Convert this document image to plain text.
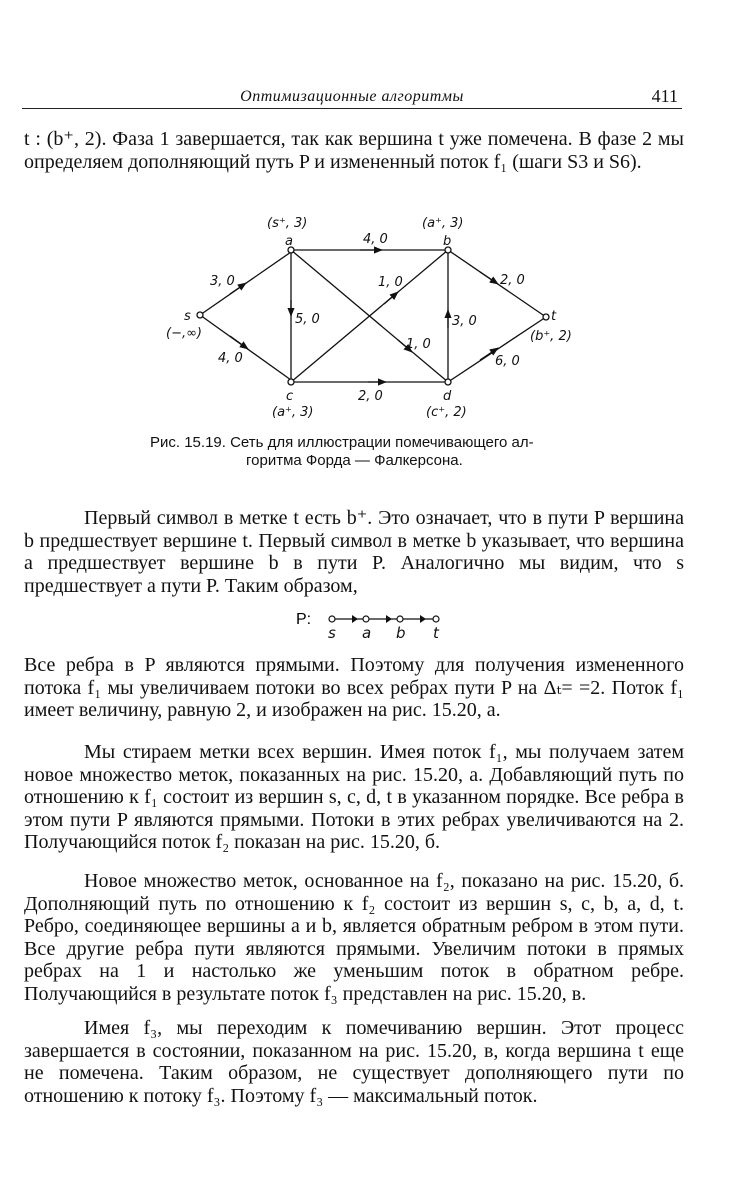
Оптимизационные алгоритмы	411

t : (b⁺, 2). Фаза 1 завершается, так как вершина t уже помечена. В фазе 2 мы определяем дополняющий путь P и измененный поток f₁ (шаги S3 и S6).

s
a	b
c	d
t
(−,∞)
(s⁺, 3)	(a⁺, 3)
(a⁺, 3)	(c⁺, 2)
(b⁺, 2)
3, 0
4, 0
4, 0
5, 0
1, 0
1, 0
2, 0
3, 0
2, 0
6, 0
Рис. 15.19. Сеть для иллюстрации помечивающего ал-
горитма Форда — Фалкерсона.

Первый символ в метке t есть b⁺. Это означает, что в пути P вершина b предшествует вершине t. Первый символ в метке b указывает, что вершина a предшествует вершине b в пути P. Аналогично мы видим, что s предшествует a пути P. Таким образом,

P:
s a b t

Все ребра в P являются прямыми. Поэтому для получения измененного потока f₁ мы увеличиваем потоки во всех ребрах пути P на Δₜ= =2. Поток f₁ имеет величину, равную 2, и изображен на рис. 15.20, а.

Мы стираем метки всех вершин. Имея поток f₁, мы получаем затем новое множество меток, показанных на рис. 15.20, а. Добавляющий путь по отношению к f₁ состоит из вершин s, c, d, t в указанном порядке. Все ребра в этом пути P являются прямыми. Потоки в этих ребрах увеличиваются на 2. Получающийся поток f₂ показан на рис. 15.20, б.

Новое множество меток, основанное на f₂, показано на рис. 15.20, б. Дополняющий путь по отношению к f₂ состоит из вершин s, c, b, a, d, t. Ребро, соединяющее вершины a и b, является обратным ребром в этом пути. Все другие ребра пути являются прямыми. Увеличим потоки в прямых ребрах на 1 и настолько же уменьшим поток в обратном ребре. Получающийся в результате поток f₃ представлен на рис. 15.20, в.

Имея f₃, мы переходим к помечиванию вершин. Этот процесс завершается в состоянии, показанном на рис. 15.20, в, когда вершина t еще не помечена. Таким образом, не существует дополняющего пути по отношению к потоку f₃. Поэтому f₃ — максимальный поток.
